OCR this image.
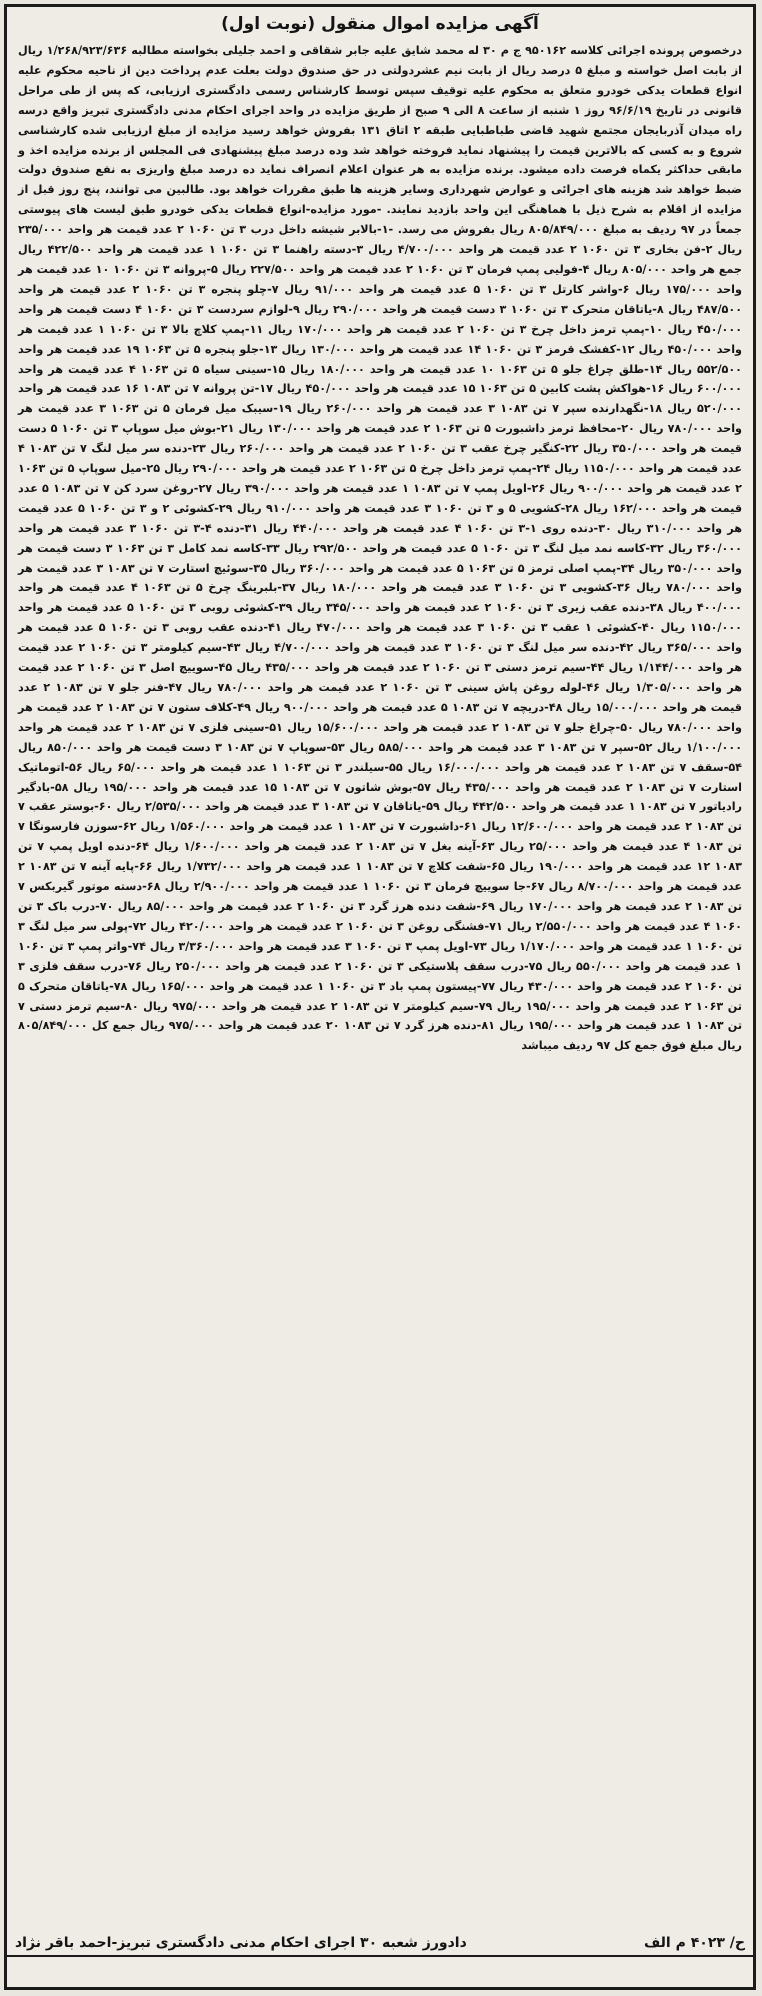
آگهی مزایده اموال منقول (نوبت اول)

درخصوص پرونده اجرائی کلاسه ۹۵۰۱۶۲ ج م ۳۰ له محمد شایق علیه جابر شقاقی و احمد جلیلی بخواسته مطالبه ۱/۲۶۸/۹۲۳/۶۳۶ ریال از بابت اصل خواسته و مبلغ ۵ درصد ریال از بابت نیم عشردولتی در حق صندوق دولت بعلت عدم پرداخت دین از ناحیه محکوم علیه انواع قطعات یدکی خودرو متعلق به محکوم علیه توقیف سپس توسط کارشناس رسمی دادگستری ارزیابی، که پس از طی مراحل قانونی در تاریخ ۹۶/۶/۱۹ روز ۱ شنبه از ساعت ۸ الی ۹ صبح از طریق مزایده در واحد اجرای احکام مدنی دادگستری تبریز واقع درسه راه میدان آذربایجان مجتمع شهید قاضی طباطبایی طبقه ۲ اتاق ۱۳۱ بفروش خواهد رسید مزایده از مبلغ ارزیابی شده کارشناسی شروع و به کسی که بالاترین قیمت را پیشنهاد نماید فروخته خواهد شد وده درصد مبلغ پیشنهادی فی المجلس از برنده مزایده اخذ و مابقی حداکثر یکماه فرصت داده میشود. برنده مزایده به هر عنوان اعلام انصراف نماید ده درصد مبلغ واریزی به نفع صندوق دولت ضبط خواهد شد هزینه های اجرائی و عوارض شهرداری وسایر هزینه ها طبق مقررات خواهد بود. طالبین می توانند، پنج روز قبل از مزایده از اقلام به شرح ذیل با هماهنگی این واحد بازدید نمایند. -مورد مزایده-انواع قطعات یدکی خودرو طبق لیست های پیوستی جمعاً در ۹۷ ردیف به مبلغ ۸۰۵/۸۴۹/۰۰۰ ریال بفروش می رسد. -۱-بالابر شیشه داخل درب ۳ تن ۱۰۶۰ ۲ عدد قیمت هر واحد ۲۳۵/۰۰۰ ریال ۲-فن بخاری ۳ تن ۱۰۶۰ ۲ عدد قیمت هر واحد ۴/۷۰۰/۰۰۰ ریال ۳-دسته راهنما ۳ تن ۱۰۶۰ ۱ عدد قیمت هر واحد ۴۲۲/۵۰۰ ریال جمع هر واحد ۸۰۵/۰۰۰ ریال ۴-فولیی پمپ فرمان ۳ تن ۱۰۶۰ ۲ عدد قیمت هر واحد ۲۲۷/۵۰۰ ریال ۵-پروانه ۳ تن ۱۰۶۰ ۱۰ عدد قیمت هر واحد ۱۷۵/۰۰۰ ریال ۶-واشر کارتل ۳ تن ۱۰۶۰ ۵ عدد قیمت هر واحد ۹۱/۰۰۰ ریال ۷-چلو پنجره ۳ تن ۱۰۶۰ ۲ عدد قیمت هر واحد ۴۸۷/۵۰۰ ریال ۸-یاتاقان متحرک ۳ تن ۱۰۶۰ ۳ دست قیمت هر واحد ۲۹۰/۰۰۰ ریال ۹-لوازم سردست ۳ تن ۱۰۶۰ ۴ دست قیمت هر واحد ۴۵۰/۰۰۰ ریال ۱۰-پمپ ترمز داخل چرخ ۳ تن ۱۰۶۰ ۲ عدد قیمت هر واحد ۱۷۰/۰۰۰ ریال ۱۱-پمپ کلاچ بالا ۳ تن ۱۰۶۰ ۱ عدد قیمت هر واحد ۴۵۰/۰۰۰ ریال ۱۲-کفشک قرمز ۳ تن ۱۰۶۰ ۱۴ عدد قیمت هر واحد ۱۳۰/۰۰۰ ریال ۱۳-جلو پنجره ۵ تن ۱۰۶۳ ۱۹ عدد قیمت هر واحد ۵۵۲/۵۰۰ ریال ۱۴-طلق چراغ جلو ۵ تن ۱۰۶۳ ۱۰ عدد قیمت هر واحد ۱۸۰/۰۰۰ ریال ۱۵-سینی سیاه ۵ تن ۱۰۶۳ ۴ عدد قیمت هر واحد ۶۰۰/۰۰۰ ریال ۱۶-هواکش پشت کابین ۵ تن ۱۰۶۳ ۱۵ عدد قیمت هر واحد ۴۵۰/۰۰۰ ریال ۱۷-تن پروانه ۷ تن ۱۰۸۳ ۱۶ عدد قیمت هر واحد ۵۲۰/۰۰۰ ریال ۱۸-نگهدارنده سپر ۷ تن ۱۰۸۳ ۳ عدد قیمت هر واحد ۲۶۰/۰۰۰ ریال ۱۹-سیبک میل فرمان ۵ تن ۱۰۶۳ ۳ عدد قیمت هر واحد ۷۸۰/۰۰۰ ریال ۲۰-محافظ ترمز داشبورت ۵ تن ۱۰۶۳ ۲ عدد قیمت هر واحد ۱۳۰/۰۰۰ ریال ۲۱-بوش میل سوپاپ ۳ تن ۱۰۶۰ ۵ دست قیمت هر واحد ۳۵۰/۰۰۰ ریال ۲۲-کنگیر چرخ عقب ۳ تن ۱۰۶۰ ۲ عدد قیمت هر واحد ۲۶۰/۰۰۰ ریال ۲۳-دنده سر میل لنگ ۷ تن ۱۰۸۳ ۴ عدد قیمت هر واحد ۱۱۵۰/۰۰۰ ریال ۲۴-پمپ ترمز داخل چرخ ۵ تن ۱۰۶۳ ۲ عدد قیمت هر واحد ۲۹۰/۰۰۰ ریال ۲۵-میل سوپاپ ۵ تن ۱۰۶۳ ۲ عدد قیمت هر واحد ۹۰۰/۰۰۰ ریال ۲۶-اویل پمپ ۷ تن ۱۰۸۳ ۱ عدد قیمت هر واحد ۳۹۰/۰۰۰ ریال ۲۷-روغن سرد کن ۷ تن ۱۰۸۳ ۵ عدد قیمت هر واحد ۱۶۲/۰۰۰ ریال ۲۸-کشویی ۵ و ۳ تن ۱۰۶۰ ۳ عدد قیمت هر واحد ۹۱۰/۰۰۰ ریال ۲۹-کشوئی ۲ و ۳ تن ۱۰۶۰ ۵ عدد قیمت هر واحد ۳۱۰/۰۰۰ ریال ۳۰-دنده روی ۱-۳ تن ۱۰۶۰ ۴ عدد قیمت هر واحد ۴۴۰/۰۰۰ ریال ۳۱-دنده ۴-۳ تن ۱۰۶۰ ۳ عدد قیمت هر واحد ۳۶۰/۰۰۰ ریال ۳۲-کاسه نمد میل لنگ ۳ تن ۱۰۶۰ ۵ عدد قیمت هر واحد ۲۹۲/۵۰۰ ریال ۳۳-کاسه نمد کامل ۳ تن ۱۰۶۳ ۳ دست قیمت هر واحد ۳۵۰/۰۰۰ ریال ۳۴-پمپ اصلی ترمز ۵ تن ۱۰۶۳ ۵ عدد قیمت هر واحد ۳۶۰/۰۰۰ ریال ۳۵-سوئیچ استارت ۷ تن ۱۰۸۳ ۳ عدد قیمت هر واحد ۷۸۰/۰۰۰ ریال ۳۶-کشویی ۳ تن ۱۰۶۰ ۳ عدد قیمت هر واحد ۱۸۰/۰۰۰ ریال ۳۷-بلبرینگ چرخ ۵ تن ۱۰۶۳ ۴ عدد قیمت هر واحد ۴۰۰/۰۰۰ ریال ۳۸-دنده عقب زیری ۳ تن ۱۰۶۰ ۲ عدد قیمت هر واحد ۳۴۵/۰۰۰ ریال ۳۹-کشوئی روبی ۳ تن ۱۰۶۰ ۵ عدد قیمت هر واحد ۱۱۵۰/۰۰۰ ریال ۴۰-کشوئی ۱ عقب ۳ تن ۱۰۶۰ ۳ عدد قیمت هر واحد ۴۷۰/۰۰۰ ریال ۴۱-دنده عقب روبی ۳ تن ۱۰۶۰ ۵ عدد قیمت هر واحد ۳۶۵/۰۰۰ ریال ۴۲-دنده سر میل لنگ ۳ تن ۱۰۶۰ ۳ عدد قیمت هر واحد ۴/۷۰۰/۰۰۰ ریال ۴۳-سیم کیلومتر ۳ تن ۱۰۶۰ ۲ عدد قیمت هر واحد ۱/۱۴۴/۰۰۰ ریال ۴۴-سیم ترمز دستی ۳ تن ۱۰۶۰ ۲ عدد قیمت هر واحد ۴۳۵/۰۰۰ ریال ۴۵-سوییچ اصل ۳ تن ۱۰۶۰ ۲ عدد قیمت هر واحد ۱/۳۰۵/۰۰۰ ریال ۴۶-لوله روغن پاش سینی ۳ تن ۱۰۶۰ ۲ عدد قیمت هر واحد ۷۸۰/۰۰۰ ریال ۴۷-فنر جلو ۷ تن ۱۰۸۳ ۲ عدد قیمت هر واحد ۱۵/۰۰۰/۰۰۰ ریال ۴۸-دریچه ۷ تن ۱۰۸۳ ۵ عدد قیمت هر واحد ۹۰۰/۰۰۰ ریال ۴۹-کلاف ستون ۷ تن ۱۰۸۳ ۲ عدد قیمت هر واحد ۷۸۰/۰۰۰ ریال ۵۰-چراغ جلو ۷ تن ۱۰۸۳ ۲ عدد قیمت هر واحد ۱۵/۶۰۰/۰۰۰ ریال ۵۱-سینی فلزی ۷ تن ۱۰۸۳ ۲ عدد قیمت هر واحد ۱/۱۰۰/۰۰۰ ریال ۵۲-سپر ۷ تن ۱۰۸۳ ۳ عدد قیمت هر واحد ۵۸۵/۰۰۰ ریال ۵۳-سوپاپ ۷ تن ۱۰۸۳ ۳ دست قیمت هر واحد ۸۵۰/۰۰۰ ریال ۵۴-سقف ۷ تن ۱۰۸۳ ۲ عدد قیمت هر واحد ۱۶/۰۰۰/۰۰۰ ریال ۵۵-سیلندر ۳ تن ۱۰۶۳ ۱ عدد قیمت هر واحد ۶۵/۰۰۰ ریال ۵۶-اتوماتیک استارت ۷ تن ۱۰۸۳ ۲ عدد قیمت هر واحد ۴۳۵/۰۰۰ ریال ۵۷-بوش شاتون ۷ تن ۱۰۸۳ ۱۵ عدد قیمت هر واحد ۱۹۵/۰۰۰ ریال ۵۸-بادگیر رادیاتور ۷ تن ۱۰۸۳ ۱ عدد قیمت هر واحد ۴۴۲/۵۰۰ ریال ۵۹-یاتاقان ۷ تن ۱۰۸۳ ۳ عدد قیمت هر واحد ۲/۵۳۵/۰۰۰ ریال ۶۰-بوستر عقب ۷ تن ۱۰۸۳ ۲ عدد قیمت هر واحد ۱۲/۶۰۰/۰۰۰ ریال ۶۱-داشبورت ۷ تن ۱۰۸۳ ۱ عدد قیمت هر واحد ۱/۵۶۰/۰۰۰ ریال ۶۲-سوزن فارسونگا ۷ تن ۱۰۸۳ ۴ عدد قیمت هر واحد ۲۵/۰۰۰ ریال ۶۳-آینه بغل ۷ تن ۱۰۸۳ ۲ عدد قیمت هر واحد ۱/۶۰۰/۰۰۰ ریال ۶۴-دنده اویل پمپ ۷ تن ۱۰۸۳ ۱۲ عدد قیمت هر واحد ۱۹۰/۰۰۰ ریال ۶۵-شفت کلاچ ۷ تن ۱۰۸۳ ۱ عدد قیمت هر واحد ۱/۷۳۲/۰۰۰ ریال ۶۶-پایه آینه ۷ تن ۱۰۸۳ ۲ عدد قیمت هر واحد ۸/۷۰۰/۰۰۰ ریال ۶۷-جا سوییچ فرمان ۳ تن ۱۰۶۰ ۱ عدد قیمت هر واحد ۲/۹۰۰/۰۰۰ ریال ۶۸-دسته موتور گیربکس ۷ تن ۱۰۸۳ ۲ عدد قیمت هر واحد ۱۷۰/۰۰۰ ریال ۶۹-شفت دنده هرز گرد ۳ تن ۱۰۶۰ ۲ عدد قیمت هر واحد ۸۵/۰۰۰ ریال ۷۰-درب باک ۳ تن ۱۰۶۰ ۴ عدد قیمت هر واحد ۲/۵۵۰/۰۰۰ ریال ۷۱-فشنگی روغن ۳ تن ۱۰۶۰ ۲ عدد قیمت هر واحد ۴۲۰/۰۰۰ ریال ۷۲-پولی سر میل لنگ ۳ تن ۱۰۶۰ ۱ عدد قیمت هر واحد ۱/۱۷۰/۰۰۰ ریال ۷۳-اویل پمپ ۳ تن ۱۰۶۰ ۳ عدد قیمت هر واحد ۳/۳۶۰/۰۰۰ ریال ۷۴-واتر پمپ ۳ تن ۱۰۶۰ ۱ عدد قیمت هر واحد ۵۵۰/۰۰۰ ریال ۷۵-درب سقف پلاستیکی ۳ تن ۱۰۶۰ ۲ عدد قیمت هر واحد ۲۵۰/۰۰۰ ریال ۷۶-درب سقف فلزی ۳ تن ۱۰۶۰ ۲ عدد قیمت هر واحد ۴۳۰/۰۰۰ ریال ۷۷-پیستون پمپ باد ۳ تن ۱۰۶۰ ۱ عدد قیمت هر واحد ۱۶۵/۰۰۰ ریال ۷۸-یاتاقان متحرک ۵ تن ۱۰۶۳ ۲ عدد قیمت هر واحد ۱۹۵/۰۰۰ ریال ۷۹-سیم کیلومتر ۷ تن ۱۰۸۳ ۲ عدد قیمت هر واحد ۹۷۵/۰۰۰ ریال ۸۰-سیم ترمز دستی ۷ تن ۱۰۸۳ ۱ عدد قیمت هر واحد ۱۹۵/۰۰۰ ریال ۸۱-دنده هرز گرد ۷ تن ۱۰۸۳ ۲۰ عدد قیمت هر واحد ۹۷۵/۰۰۰ ریال جمع کل ۸۰۵/۸۴۹/۰۰۰ ریال مبلغ فوق جمع کل ۹۷ ردیف میباشد

ح/ ۴۰۲۳ م الف
دادورز شعبه ۳۰ اجرای احکام مدنی دادگستری تبریز-احمد باقر نژاد
